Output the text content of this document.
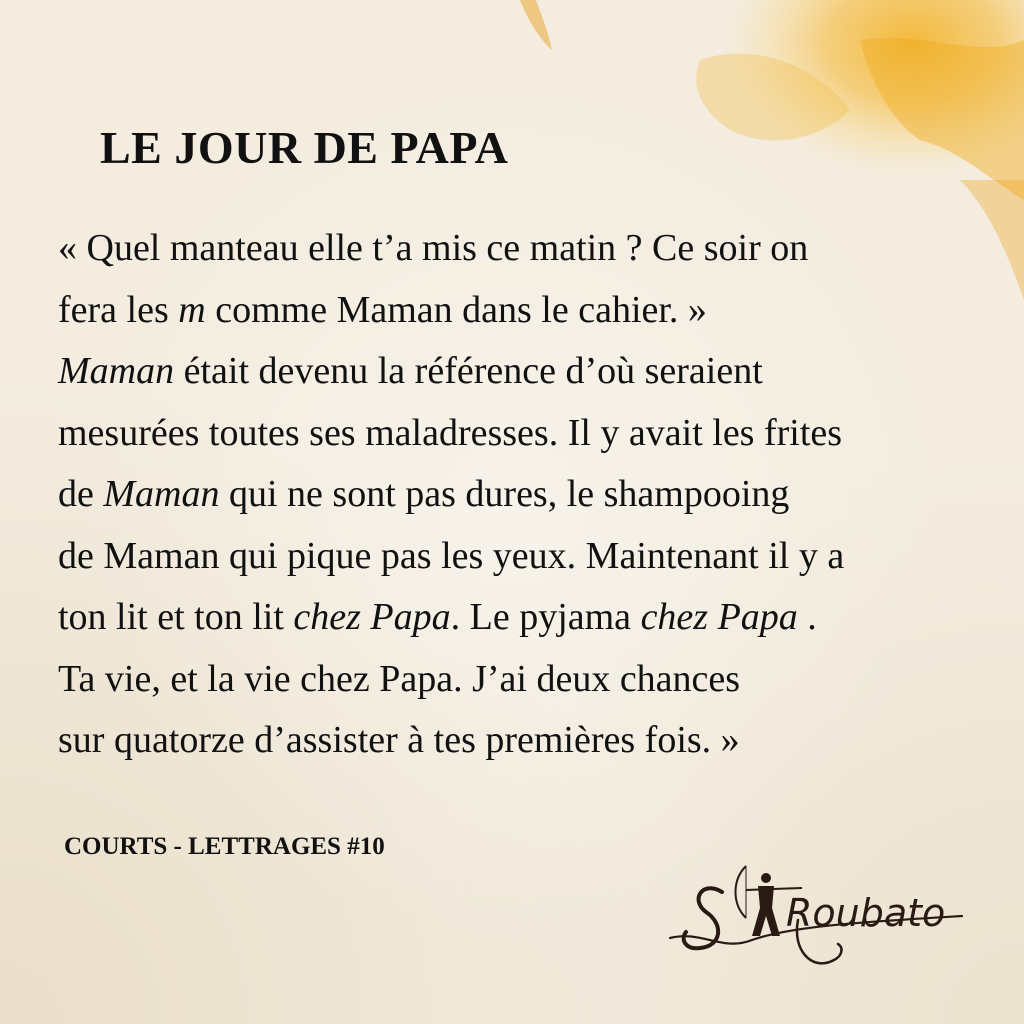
LE JOUR DE PAPA
« Quel manteau elle t’a mis ce matin ? Ce soir on
fera les m comme Maman dans le cahier. »
Maman était devenu la référence d’où seraient
mesurées toutes ses maladresses. Il y avait les frites
de Maman qui ne sont pas dures, le shampooing
de Maman qui pique pas les yeux. Maintenant il y a
ton lit et ton lit chez Papa. Le pyjama chez Papa .
Ta vie, et la vie chez Papa. J’ai deux chances
sur quatorze d’assister à tes premières fois. »

COURTS - LETTRAGES #10

Roubato
